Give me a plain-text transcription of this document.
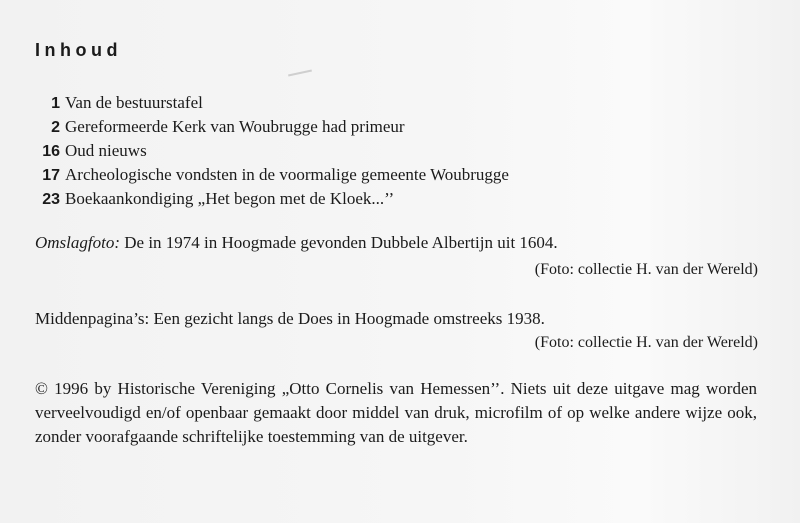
Inhoud
1 Van de bestuurstafel
2 Gereformeerde Kerk van Woubrugge had primeur
16 Oud nieuws
17 Archeologische vondsten in de voormalige gemeente Woubrugge
23 Boekaankondiging „Het begon met de Kloek...’’
Omslagfoto: De in 1974 in Hoogmade gevonden Dubbele Albertijn uit 1604.
(Foto: collectie H. van der Wereld)
Middenpagina’s: Een gezicht langs de Does in Hoogmade omstreeks 1938.
(Foto: collectie H. van der Wereld)
© 1996 by Historische Vereniging „Otto Cornelis van Hemessen’’. Niets uit deze uitgave mag worden verveelvoudigd en/of openbaar gemaakt door middel van druk, microfilm of op welke andere wijze ook, zonder voorafgaande schriftelijke toestemming van de uitgever.
